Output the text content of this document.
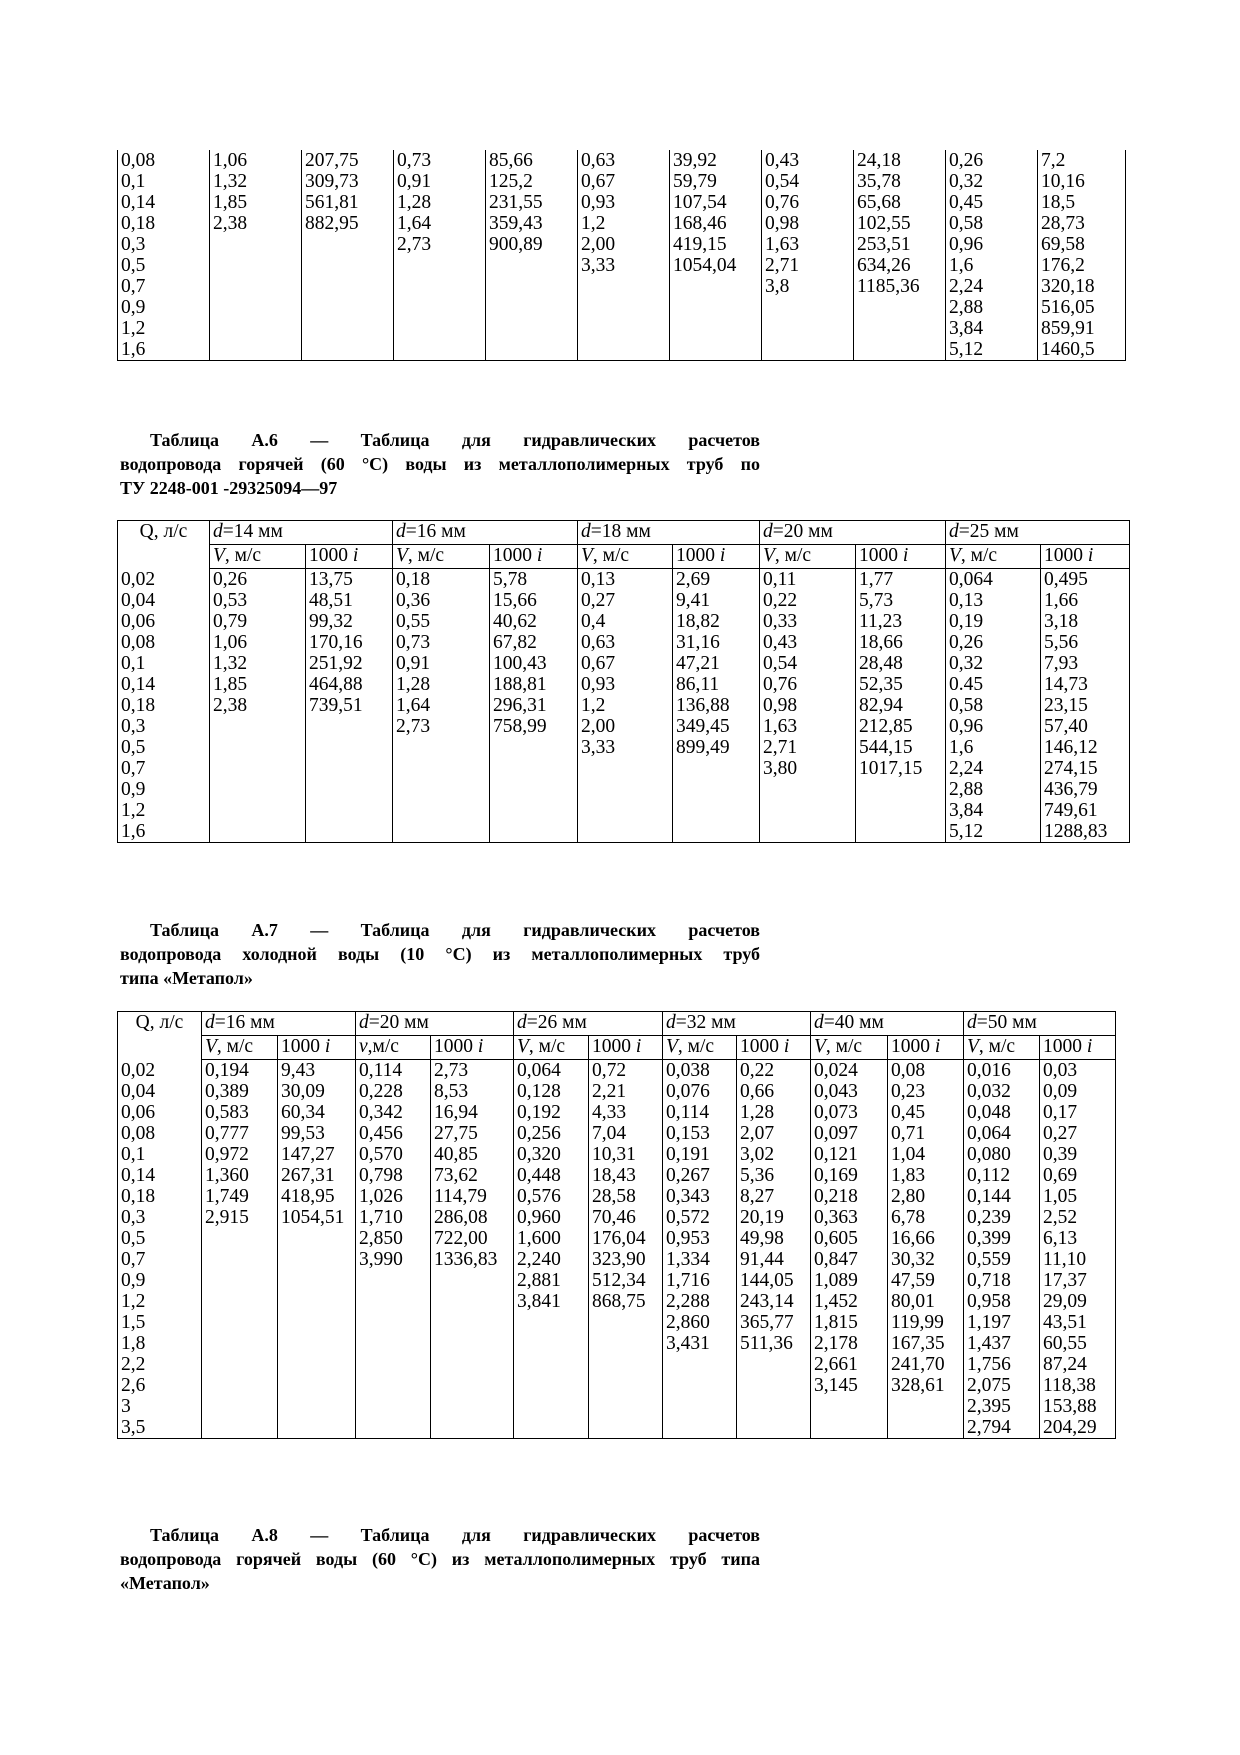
0,08	1,06	207,75	0,73	85,66	0,63	39,92	0,43	24,18	0,26	7,2
0,1	1,32	309,73	0,91	125,2	0,67	59,79	0,54	35,78	0,32	10,16
0,14	1,85	561,81	1,28	231,55	0,93	107,54	0,76	65,68	0,45	18,5
0,18	2,38	882,95	1,64	359,43	1,2	168,46	0,98	102,55	0,58	28,73
0,3			2,73	900,89	2,00	419,15	1,63	253,51	0,96	69,58
0,5					3,33	1054,04	2,71	634,26	1,6	176,2
0,7							3,8	1185,36	2,24	320,18
0,9									2,88	516,05
1,2									3,84	859,91
1,6									5,12	1460,5
Таблица А.6 — Таблица для гидравлических расчетов
водопровода горячей (60 °С) воды из металлополимерных труб по
ТУ 2248-001 -29325094—97
Q, л/с	d=14 мм		d=16 мм		d=18 мм		d=20 мм		d=25 мм	
	V, м/с	1000 i	V, м/с	1000 i	V, м/с	1000 i	V, м/с	1000 i	V, м/с	1000 i
0,02	0,26	13,75	0,18	5,78	0,13	2,69	0,11	1,77	0,064	0,495
0,04	0,53	48,51	0,36	15,66	0,27	9,41	0,22	5,73	0,13	1,66
0,06	0,79	99,32	0,55	40,62	0,4	18,82	0,33	11,23	0,19	3,18
0,08	1,06	170,16	0,73	67,82	0,63	31,16	0,43	18,66	0,26	5,56
0,1	1,32	251,92	0,91	100,43	0,67	47,21	0,54	28,48	0,32	7,93
0,14	1,85	464,88	1,28	188,81	0,93	86,11	0,76	52,35	0.45	14,73
0,18	2,38	739,51	1,64	296,31	1,2	136,88	0,98	82,94	0,58	23,15
0,3			2,73	758,99	2,00	349,45	1,63	212,85	0,96	57,40
0,5					3,33	899,49	2,71	544,15	1,6	146,12
0,7							3,80	1017,15	2,24	274,15
0,9									2,88	436,79
1,2									3,84	749,61
1,6									5,12	1288,83
Таблица А.7 — Таблица для гидравлических расчетов
водопровода холодной воды (10 °С) из металлополимерных труб
типа «Метапол»
Q, л/с	d=16 мм		d=20 мм		d=26 мм		d=32 мм		d=40 мм		d=50 мм	
	V, м/с	1000 i	v,м/с	1000 i	V, м/с	1000 i	V, м/с	1000 i	V, м/с	1000 i	V, м/с	1000 i
0,02	0,194	9,43	0,114	2,73	0,064	0,72	0,038	0,22	0,024	0,08	0,016	0,03
0,04	0,389	30,09	0,228	8,53	0,128	2,21	0,076	0,66	0,043	0,23	0,032	0,09
0,06	0,583	60,34	0,342	16,94	0,192	4,33	0,114	1,28	0,073	0,45	0,048	0,17
0,08	0,777	99,53	0,456	27,75	0,256	7,04	0,153	2,07	0,097	0,71	0,064	0,27
0,1	0,972	147,27	0,570	40,85	0,320	10,31	0,191	3,02	0,121	1,04	0,080	0,39
0,14	1,360	267,31	0,798	73,62	0,448	18,43	0,267	5,36	0,169	1,83	0,112	0,69
0,18	1,749	418,95	1,026	114,79	0,576	28,58	0,343	8,27	0,218	2,80	0,144	1,05
0,3	2,915	1054,51	1,710	286,08	0,960	70,46	0,572	20,19	0,363	6,78	0,239	2,52
0,5			2,850	722,00	1,600	176,04	0,953	49,98	0,605	16,66	0,399	6,13
0,7			3,990	1336,83	2,240	323,90	1,334	91,44	0,847	30,32	0,559	11,10
0,9					2,881	512,34	1,716	144,05	1,089	47,59	0,718	17,37
1,2					3,841	868,75	2,288	243,14	1,452	80,01	0,958	29,09
1,5							2,860	365,77	1,815	119,99	1,197	43,51
1,8							3,431	511,36	2,178	167,35	1,437	60,55
2,2									2,661	241,70	1,756	87,24
2,6									3,145	328,61	2,075	118,38
3											2,395	153,88
3,5											2,794	204,29
Таблица А.8 — Таблица для гидравлических расчетов
водопровода горячей воды (60 °С) из металлополимерных труб типа
«Метапол»
